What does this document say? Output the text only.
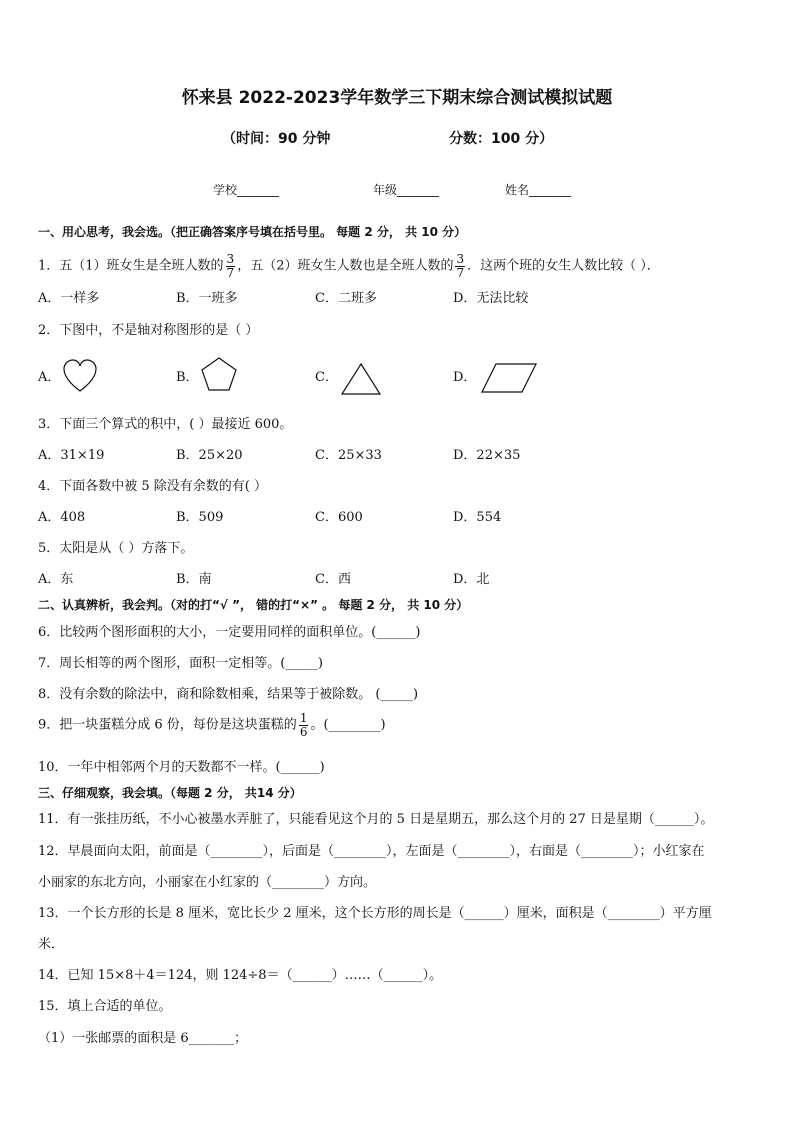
怀来县 2022-2023学年数学三下期末综合测试模拟试题
（时间：90 分钟	分数：100 分）
学校_______	年级_______	姓名_______
一、用心思考，我会选。（把正确答案序号填在括号里。 每题 2 分， 共 10 分）
1．五（1）班女生是全班人数的 $\frac{3}{7}$ ，五（2）班女生人数也是全班人数的 $\frac{3}{7}$ ．这两个班的女生人数比较（ ）．
A．一样多	B．一班多	C．二班多	D．无法比较
2．下图中，不是轴对称图形的是（ ）
A．	B．	C．	D．
3．下面三个算式的积中，( ）最接近 600。
A．31×19	B．25×20	C．25×33	D．22×35
4．下面各数中被 5 除没有余数的有( ）
A．408	B．509	C．600	D．554
5．太阳是从（ ）方落下。
A．东	B．南	C．西	D．北
二、认真辨析，我会判。（对的打“√ ”， 错的打“×” 。 每题 2 分， 共 10 分）
6．比较两个图形面积的大小，一定要用同样的面积单位。(______)
7．周长相等的两个图形，面积一定相等。(_____)
8．没有余数的除法中，商和除数相乘，结果等于被除数。 (_____)
9．把一块蛋糕分成 6 份，每份是这块蛋糕的 $\frac{1}{6}$ 。(________)
10．一年中相邻两个月的天数都不一样。(______)
三、仔细观察，我会填。（每题 2 分， 共14 分）
11．有一张挂历纸，不小心被墨水弄脏了，只能看见这个月的 5 日是星期五，那么这个月的 27 日是星期（______）。
12．早晨面向太阳，前面是（________），后面是（________），左面是（________），右面是（________）；小红家在
小丽家的东北方向，小丽家在小红家的（________）方向。
13．一个长方形的长是 8 厘米，宽比长少 2 厘米，这个长方形的周长是（______）厘米，面积是（________）平方厘
米．
14．已知 15×8＋4＝124，则 124÷8＝（______）……（______）。
15．填上合适的单位。
（1）一张邮票的面积是 6_______；
